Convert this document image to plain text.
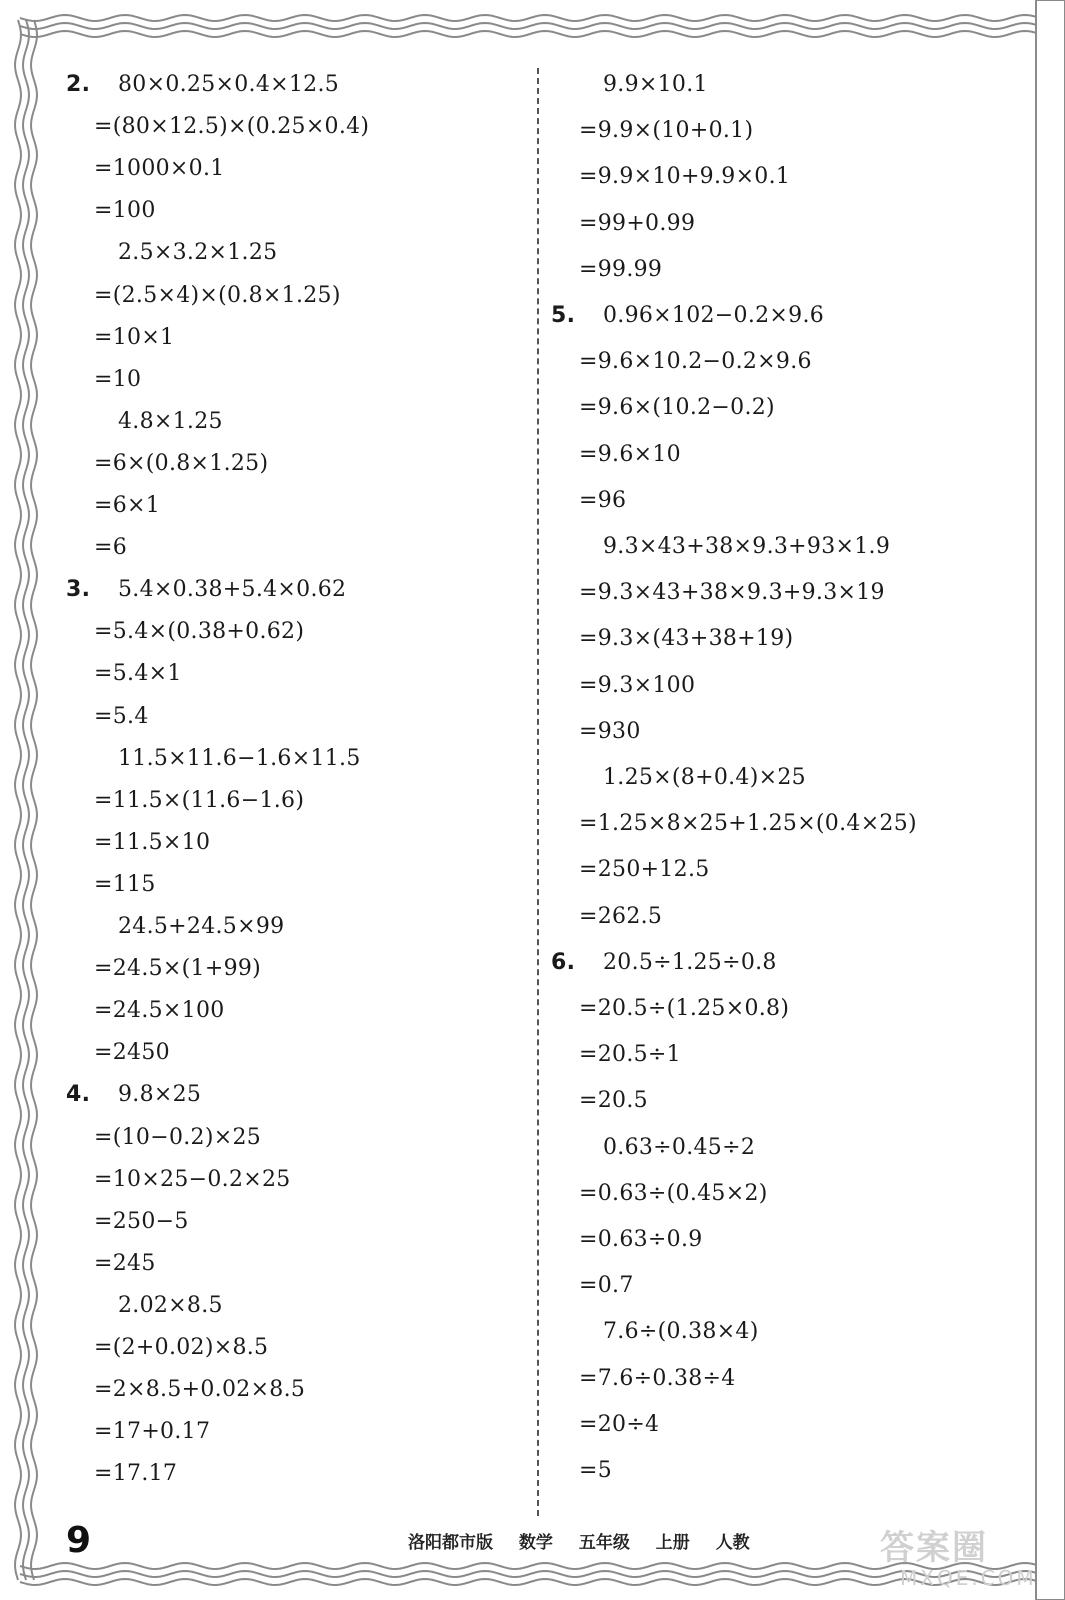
2. 80×0.25×0.4×12.5
=(80×12.5)×(0.25×0.4)
=1000×0.1
=100
2.5×3.2×1.25
=(2.5×4)×(0.8×1.25)
=10×1
=10
4.8×1.25
=6×(0.8×1.25)
=6×1
=6
3. 5.4×0.38+5.4×0.62
=5.4×(0.38+0.62)
=5.4×1
=5.4
11.5×11.6−1.6×11.5
=11.5×(11.6−1.6)
=11.5×10
=115
24.5+24.5×99
=24.5×(1+99)
=24.5×100
=2450
4. 9.8×25
=(10−0.2)×25
=10×25−0.2×25
=250−5
=245
2.02×8.5
=(2+0.02)×8.5
=2×8.5+0.02×8.5
=17+0.17
=17.17
9.9×10.1
=9.9×(10+0.1)
=9.9×10+9.9×0.1
=99+0.99
=99.99
5. 0.96×102−0.2×9.6
=9.6×10.2−0.2×9.6
=9.6×(10.2−0.2)
=9.6×10
=96
9.3×43+38×9.3+93×1.9
=9.3×43+38×9.3+9.3×19
=9.3×(43+38+19)
=9.3×100
=930
1.25×(8+0.4)×25
=1.25×8×25+1.25×(0.4×25)
=250+12.5
=262.5
6. 20.5÷1.25÷0.8
=20.5÷(1.25×0.8)
=20.5÷1
=20.5
0.63÷0.45÷2
=0.63÷(0.45×2)
=0.63÷0.9
=0.7
7.6÷(0.38×4)
=7.6÷0.38÷4
=20÷4
=5
9	洛阳都市版 数学 五年级 上册 人教	答案圈
MXQE.COM
